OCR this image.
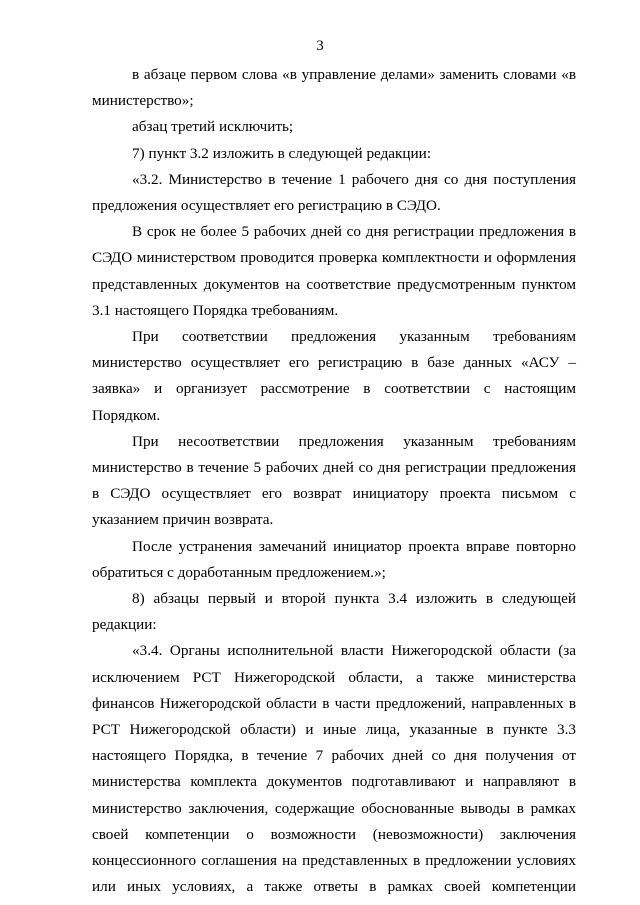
3

в абзаце первом слова «в управление делами» заменить словами «в министерство»;

абзац третий исключить;

7) пункт 3.2 изложить в следующей редакции:

«3.2. Министерство в течение 1 рабочего дня со дня поступления предложения осуществляет его регистрацию в СЭДО.

В срок не более 5 рабочих дней со дня регистрации предложения в СЭДО министерством проводится проверка комплектности и оформления представленных документов на соответствие предусмотренным пунктом 3.1 настоящего Порядка требованиям.

При соответствии предложения указанным требованиям министерство осуществляет его регистрацию в базе данных «АСУ – заявка» и организует рассмотрение в соответствии с настоящим Порядком.

При несоответствии предложения указанным требованиям министерство в течение 5 рабочих дней со дня регистрации предложения в СЭДО осуществляет его возврат инициатору проекта письмом с указанием причин возврата.

После устранения замечаний инициатор проекта вправе повторно обратиться с доработанным предложением.»;

8) абзацы первый и второй пункта 3.4 изложить в следующей редакции:

«3.4. Органы исполнительной власти Нижегородской области (за исключением РСТ Нижегородской области, а также министерства финансов Нижегородской области в части предложений, направленных в РСТ Нижегородской области) и иные лица, указанные в пункте 3.3 настоящего Порядка, в течение 7 рабочих дней со дня получения от министерства комплекта документов подготавливают и направляют в министерство заключения, содержащие обоснованные выводы в рамках своей компетенции о возможности (невозможности) заключения концессионного соглашения на представленных в предложении условиях или иных условиях, а также ответы в рамках своей компетенции
